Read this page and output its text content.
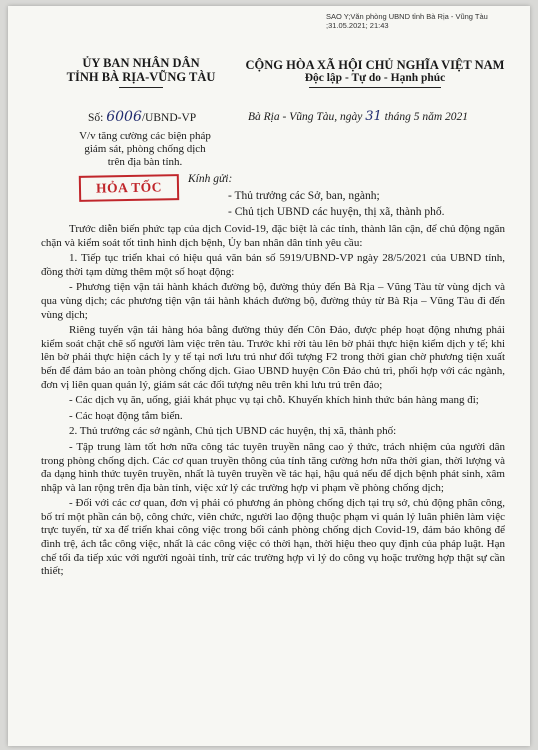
SAO Y;Văn phòng UBND tỉnh Bà Rịa - Vũng Tàu
;31.05.2021; 21:43
ỦY BAN NHÂN DÂN
TỈNH BÀ RỊA-VŨNG TÀU
CỘNG HÒA XÃ HỘI CHỦ NGHĨA VIỆT NAM
Độc lập - Tự do - Hạnh phúc
Số: 6006/UBND-VP	Bà Rịa - Vũng Tàu, ngày 31 tháng 5 năm 2021
V/v tăng cường các biện pháp
giám sát, phòng chống dịch
trên địa bàn tỉnh.
HỎA TỐC
Kính gửi:
- Thủ trưởng các Sở, ban, ngành;
- Chủ tịch UBND các huyện, thị xã, thành phố.

Trước diễn biến phức tạp của dịch Covid-19, đặc biệt là các tỉnh, thành lân cận, để chủ động ngăn chặn và kiểm soát tốt tình hình dịch bệnh, Ủy ban nhân dân tỉnh yêu cầu:

1. Tiếp tục triển khai có hiệu quả văn bản số 5919/UBND-VP ngày 28/5/2021 của UBND tỉnh, đồng thời tạm dừng thêm một số hoạt động:

- Phương tiện vận tải hành khách đường bộ, đường thủy đến Bà Rịa – Vũng Tàu từ vùng dịch và qua vùng dịch; các phương tiện vận tải hành khách đường bộ, đường thủy từ Bà Rịa – Vũng Tàu đi đến vùng dịch;

Riêng tuyến vận tải hàng hóa bằng đường thủy đến Côn Đảo, được phép hoạt động nhưng phải kiểm soát chặt chẽ số người làm việc trên tàu. Trước khi rời tàu lên bờ phải thực hiện kiểm dịch y tế; khi lên bờ phải thực hiện cách ly y tế tại nơi lưu trú như đối tượng F2 trong thời gian chờ phương tiện xuất bến để đảm bảo an toàn phòng chống dịch. Giao UBND huyện Côn Đảo chủ trì, phối hợp với các ngành, đơn vị liên quan quản lý, giám sát các đối tượng nêu trên khi lưu trú trên đảo;

- Các dịch vụ ăn, uống, giải khát phục vụ tại chỗ. Khuyến khích hình thức bán hàng mang đi;

- Các hoạt động tắm biển.

2. Thủ trưởng các sở ngành, Chủ tịch UBND các huyện, thị xã, thành phố:

- Tập trung làm tốt hơn nữa công tác tuyên truyền nâng cao ý thức, trách nhiệm của người dân trong phòng chống dịch. Các cơ quan truyền thông của tỉnh tăng cường hơn nữa thời gian, thời lượng và đa dạng hình thức tuyên truyền, nhất là tuyên truyền về tác hại, hậu quả nếu để dịch bệnh phát sinh, xâm nhập và lan rộng trên địa bàn tỉnh, việc xử lý các trường hợp vi phạm về phòng chống dịch;

- Đối với các cơ quan, đơn vị phải có phương án phòng chống dịch tại trụ sở, chủ động phân công, bố trí một phần cán bộ, công chức, viên chức, người lao động thuộc phạm vi quản lý luân phiên làm việc trực tuyến, từ xa để triển khai công việc trong bối cảnh phòng chống dịch Covid-19, đảm bảo không để đình trệ, ách tắc công việc, nhất là các công việc có thời hạn, thời hiệu theo quy định của pháp luật. Hạn chế tối đa tiếp xúc với người ngoài tỉnh, trừ các trường hợp vì lý do công vụ hoặc trường hợp thật sự cần thiết;
